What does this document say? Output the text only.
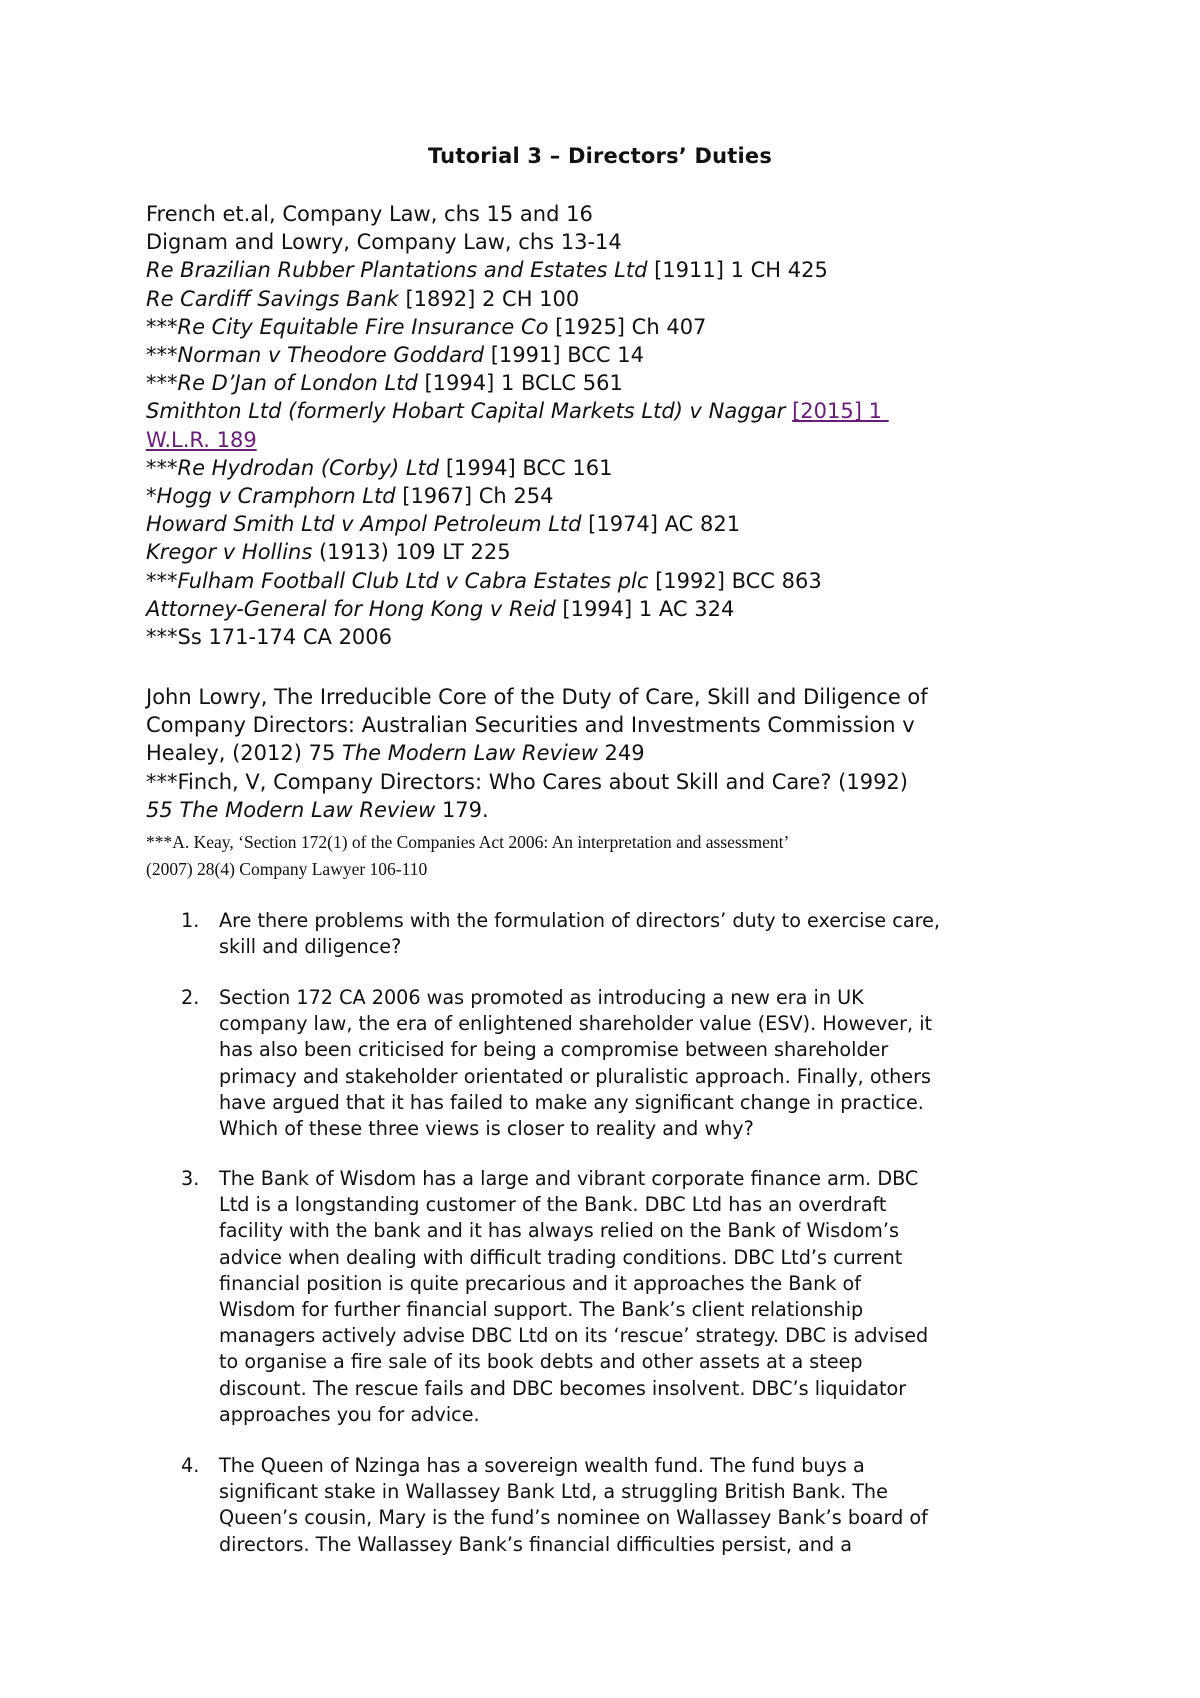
Tutorial 3 – Directors’ Duties
French et.al, Company Law, chs 15 and 16
Dignam and Lowry, Company Law, chs 13-14
Re Brazilian Rubber Plantations and Estates Ltd [1911] 1 CH 425
Re Cardiff Savings Bank [1892] 2 CH 100
***Re City Equitable Fire Insurance Co [1925] Ch 407
***Norman v Theodore Goddard [1991] BCC 14
***Re D’Jan of London Ltd [1994] 1 BCLC 561
Smithton Ltd (formerly Hobart Capital Markets Ltd) v Naggar [2015] 1
W.L.R. 189
***Re Hydrodan (Corby) Ltd [1994] BCC 161
*Hogg v Cramphorn Ltd [1967] Ch 254
Howard Smith Ltd v Ampol Petroleum Ltd [1974] AC 821
Kregor v Hollins (1913) 109 LT 225
***Fulham Football Club Ltd v Cabra Estates plc [1992] BCC 863
Attorney-General for Hong Kong v Reid [1994] 1 AC 324
***Ss 171-174 CA 2006
John Lowry, The Irreducible Core of the Duty of Care, Skill and Diligence of
Company Directors: Australian Securities and Investments Commission v
Healey, (2012) 75 The Modern Law Review 249
***Finch, V, Company Directors: Who Cares about Skill and Care? (1992)
55 The Modern Law Review 179.
***A. Keay, ‘Section 172(1) of the Companies Act 2006: An interpretation and assessment’
(2007) 28(4) Company Lawyer 106-110
1. Are there problems with the formulation of directors’ duty to exercise care,
skill and diligence?
2. Section 172 CA 2006 was promoted as introducing a new era in UK
company law, the era of enlightened shareholder value (ESV). However, it
has also been criticised for being a compromise between shareholder
primacy and stakeholder orientated or pluralistic approach. Finally, others
have argued that it has failed to make any significant change in practice.
Which of these three views is closer to reality and why?
3. The Bank of Wisdom has a large and vibrant corporate finance arm. DBC
Ltd is a longstanding customer of the Bank. DBC Ltd has an overdraft
facility with the bank and it has always relied on the Bank of Wisdom’s
advice when dealing with difficult trading conditions. DBC Ltd’s current
financial position is quite precarious and it approaches the Bank of
Wisdom for further financial support. The Bank’s client relationship
managers actively advise DBC Ltd on its ‘rescue’ strategy. DBC is advised
to organise a fire sale of its book debts and other assets at a steep
discount. The rescue fails and DBC becomes insolvent. DBC’s liquidator
approaches you for advice.
4. The Queen of Nzinga has a sovereign wealth fund. The fund buys a
significant stake in Wallassey Bank Ltd, a struggling British Bank. The
Queen’s cousin, Mary is the fund’s nominee on Wallassey Bank’s board of
directors. The Wallassey Bank’s financial difficulties persist, and a
